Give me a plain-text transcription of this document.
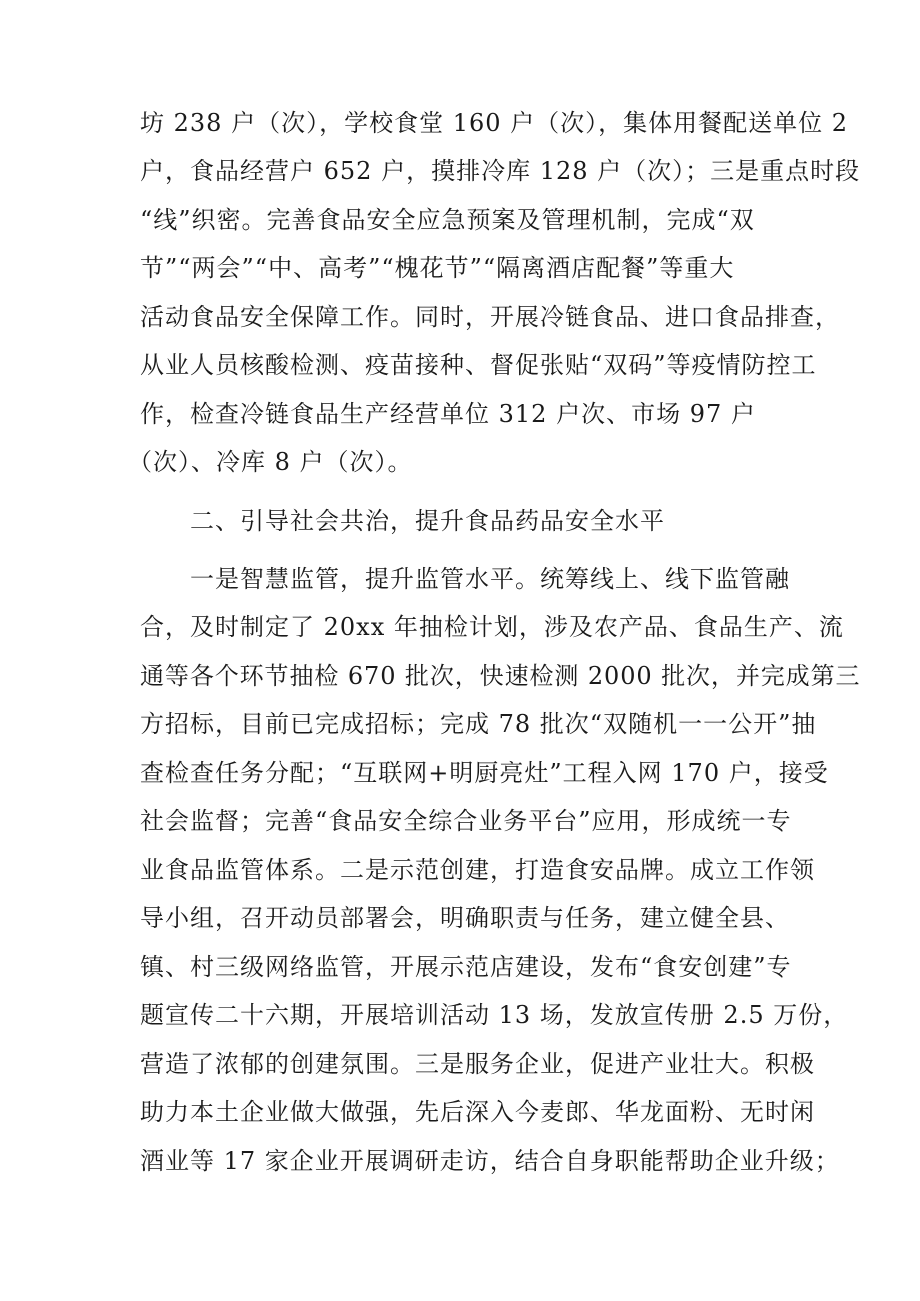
坊 238 户（次），学校食堂 160 户（次），集体用餐配送单位 2
户，食品经营户 652 户，摸排冷库 128 户（次）；三是重点时段
“线”织密。完善食品安全应急预案及管理机制，完成“双
节”“两会”“中、高考”“槐花节”“隔离酒店配餐”等重大
活动食品安全保障工作。同时，开展冷链食品、进口食品排查，
从业人员核酸检测、疫苗接种、督促张贴“双码”等疫情防控工
作，检查冷链食品生产经营单位 312 户次、市场 97 户
（次）、冷库 8 户（次）。
二、引导社会共治，提升食品药品安全水平
一是智慧监管，提升监管水平。统筹线上、线下监管融
合，及时制定了 20xx 年抽检计划，涉及农产品、食品生产、流
通等各个环节抽检 670 批次，快速检测 2000 批次，并完成第三
方招标，目前已完成招标；完成 78 批次“双随机一一公开”抽
查检查任务分配；“互联网+明厨亮灶”工程入网 170 户，接受
社会监督；完善“食品安全综合业务平台”应用，形成统一专
业食品监管体系。二是示范创建，打造食安品牌。成立工作领
导小组，召开动员部署会，明确职责与任务，建立健全县、
镇、村三级网络监管，开展示范店建设，发布“食安创建”专
题宣传二十六期，开展培训活动 13 场，发放宣传册 2.5 万份，
营造了浓郁的创建氛围。三是服务企业，促进产业壮大。积极
助力本土企业做大做强，先后深入今麦郎、华龙面粉、无时闲
酒业等 17 家企业开展调研走访，结合自身职能帮助企业升级；
